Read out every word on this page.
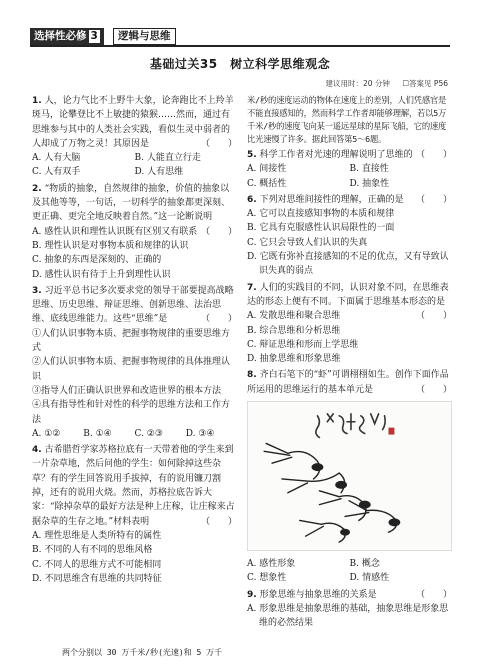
选择性必修 3	逻辑与思维
基础过关35　树立科学思维观念
建议用时：20 分钟 ☐答案见 P56
1. 人，论力气比不上野牛大象，论奔跑比不上羚羊斑马，论攀登比不上敏捷的猿猴……然而，通过有思维参与其中的人类社会实践，看似生灵中弱者的人却成了万物之灵！其原因是	（　　）
A. 人有大脑	B. 人能直立行走
C. 人有双手	D. 人有思维
2. “物质的抽象，自然规律的抽象，价值的抽象以及其他等等，一句话，一切科学的抽象都更深刻、更正确、更完全地反映着自然。”这一论断说明
（　　）
A. 感性认识和理性认识既有区别又有联系
B. 理性认识是对事物本质和规律的认识
C. 抽象的东西是深刻的、正确的
D. 感性认识有待于上升到理性认识
3. 习近平总书记多次要求党的领导干部要提高战略思维、历史思维、辩证思维、创新思维、法治思维、底线思维能力。这些“思维”是	（　　）
①人们认识事物本质、把握事物规律的重要思维方式
②人们认识事物本质、把握事物规律的具体推理认识
③指导人们正确认识世界和改造世界的根本方法
④具有指导性和针对性的科学的思维方法和工作方法
A. ①②	B. ①④	C. ②③	D. ③④
4. 古希腊哲学家苏格拉底有一天带着他的学生来到一片杂草地，然后问他的学生：如何除掉这些杂草？有的学生回答说用手拔掉，有的说用镰刀割掉，还有的说用火烧。然而，苏格拉底告诉大家：“除掉杂草的最好方法是种上庄稼，让庄稼来占据杂草的生存之地。”材料表明	（　　）
A. 理性思维是人类所特有的属性
B. 不同的人有不同的思维风格
C. 不同人的思维方式不可能相同
D. 不同思维含有思维的共同特征
两个分别以 30 万千米/秒(光速)和 5 万千
米/秒的速度运动的物体在速度上的差别，人们凭感官是不能直接感知的，然而科学工作者却能够理解，若以5万千米/秒的速度飞向某一遥远星球的星际飞船，它的速度比光速慢了许多。据此回答第5～6题。
5. 科学工作者对光速的理解说明了思维的 （　　）
A. 间接性	B. 直接性
C. 概括性	D. 抽象性
6. 下列对思维间接性的理解，正确的是 （　　）
A. 它可以直接感知事物的本质和规律
B. 它具有克服感性认识局限性的一面
C. 它只会导致人们认识的失真
D. 它既有弥补直接感知的不足的优点，又有导致认识失真的弱点
7. 人们的实践目的不同，认识对象不同，在思维表达的形态上便有不同。下面属于思维基本形态的是
（　　）
A. 发散思维和聚合思维
B. 综合思维和分析思维
C. 辩证思维和形而上学思维
D. 抽象思维和形象思维
8. 齐白石笔下的“虾”可谓栩栩如生。创作下面作品所运用的思维运行的基本单元是	（　　）
A. 感性形象	B. 概念
C. 想象性	D. 情感性
9. 形象思维与抽象思维的关系是	（　　）
A. 形象思维是抽象思维的基础，抽象思维是形象思维的必然结果
